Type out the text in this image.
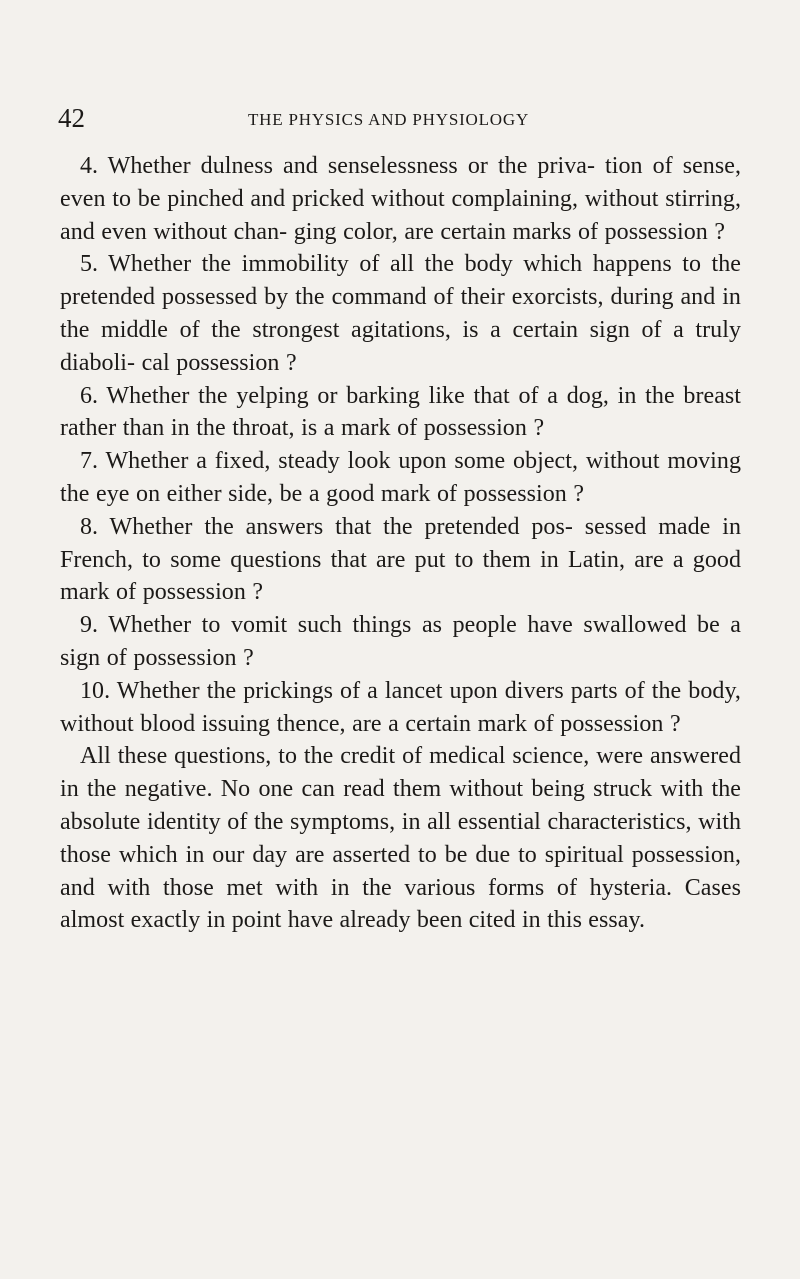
42	THE PHYSICS AND PHYSIOLOGY

4. Whether dulness and senselessness or the priva- tion of sense, even to be pinched and pricked without complaining, without stirring, and even without chan- ging color, are certain marks of possession ?

5. Whether the immobility of all the body which happens to the pretended possessed by the command of their exorcists, during and in the middle of the strongest agitations, is a certain sign of a truly diaboli- cal possession ?

6. Whether the yelping or barking like that of a dog, in the breast rather than in the throat, is a mark of possession ?

7. Whether a fixed, steady look upon some object, without moving the eye on either side, be a good mark of possession ?

8. Whether the answers that the pretended pos- sessed made in French, to some questions that are put to them in Latin, are a good mark of possession ?

9. Whether to vomit such things as people have swallowed be a sign of possession ?

10. Whether the prickings of a lancet upon divers parts of the body, without blood issuing thence, are a certain mark of possession ?

All these questions, to the credit of medical science, were answered in the negative. No one can read them without being struck with the absolute identity of the symptoms, in all essential characteristics, with those which in our day are asserted to be due to spiritual possession, and with those met with in the various forms of hysteria. Cases almost exactly in point have already been cited in this essay.
